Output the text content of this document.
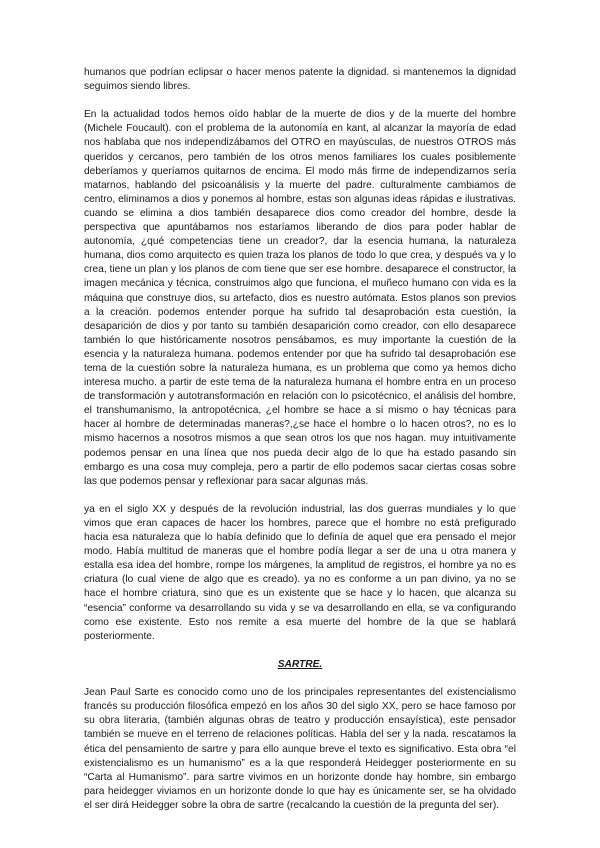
humanos que podrían eclipsar o hacer menos patente la dignidad. si mantenemos la dignidad seguimos siendo libres.

En la actualidad todos hemos oído hablar de la muerte de dios y de la muerte del hombre (Michele Foucault). con el problema de la autonomía en kant, al alcanzar la mayoría de edad nos hablaba que nos independizábamos del OTRO en mayúsculas, de nuestros OTROS más queridos y cercanos, pero también de los otros menos familiares los cuales posiblemente deberíamos y queríamos quitarnos de encima. El modo más firme de independizarnos sería matarnos, hablando del psicoanálisis y la muerte del padre. culturalmente cambiamos de centro, eliminamos a dios y ponemos al hombre, estas son algunas ideas rápidas e ilustrativas. cuando se elimina a dios también desaparece dios como creador del hombre, desde la perspectiva que apuntábamos nos estaríamos liberando de dios para poder hablar de autonomía, ¿qué competencias tiene un creador?, dar la esencia humana, la naturaleza humana, dios como arquitecto es quien traza los planos de todo lo que crea, y después va y lo crea, tiene un plan y los planos de com tiene que ser ese hombre. desaparece el constructor, la imagen mecánica y técnica, construimos algo que funciona, el muñeco humano con vida es la máquina que construye dios, su artefacto, dios es nuestro autómata. Estos planos son previos a la creación. podemos entender porque ha sufrido tal desaprobación esta cuestión, la desaparición de dios y por tanto su también desaparición como creador, con ello desaparece también lo que históricamente nosotros pensábamos, es muy importante la cuestión de la esencia y la naturaleza humana. podemos entender por que ha sufrido tal desaprobación ese tema de la cuestión sobre la naturaleza humana, es un problema que como ya hemos dicho interesa mucho. a partir de este tema de la naturaleza humana el hombre entra en un proceso de transformación y autotransformación en relación con lo psicotécnico, el análisis del hombre, el transhumanismo, la antropotécnica, ¿el hombre se hace a sí mismo o hay técnicas para hacer al hombre de determinadas maneras?,¿se hace el hombre o lo hacen otros?, no es lo mismo hacernos a nosotros mismos a que sean otros los que nos hagan. muy intuitivamente podemos pensar en una línea que nos pueda decir algo de lo que ha estado pasando sin embargo es una cosa muy compleja, pero a partir de ello podemos sacar ciertas cosas sobre las que podemos pensar y reflexionar para sacar algunas más.

ya en el siglo XX y después de la revolución industrial, las dos guerras mundiales y lo que vimos que eran capaces de hacer los hombres, parece que el hombre no está prefigurado hacia esa naturaleza que lo había definido que lo definía de aquel que era pensado el mejor modo. Había multitud de maneras que el hombre podía llegar a ser de una u otra manera y estalla esa idea del hombre, rompe los márgenes, la amplitud de registros, el hombre ya no es criatura (lo cual viene de algo que es creado). ya no es conforme a un pan divino, ya no se hace el hombre criatura, sino que es un existente que se hace y lo hacen, que alcanza su “esencia” conforme va desarrollando su vida y se va desarrollando en ella, se va configurando como ese existente. Esto nos remite a esa muerte del hombre de la que se hablará posteriormente.

SARTRE.

Jean Paul Sarte es conocido como uno de los principales representantes del existencialismo francés su producción filosófica empezó en los años 30 del siglo XX, pero se hace famoso por su obra literaria, (también algunas obras de teatro y producción ensayística), este pensador también se mueve en el terreno de relaciones políticas. Habla del ser y la nada. rescatamos la ética del pensamiento de sartre y para ello aunque breve el texto es significativo. Esta obra “el existencialismo es un humanismo” es a la que responderá Heidegger posteriormente en su “Carta al Humanismo”. para sartre vivimos en un horizonte donde hay hombre, sin embargo para heidegger viviamos en un horizonte donde lo que hay es únicamente ser, se ha olvidado el ser dirá Heidegger sobre la obra de sartre (recalcando la cuestión de la pregunta del ser).
